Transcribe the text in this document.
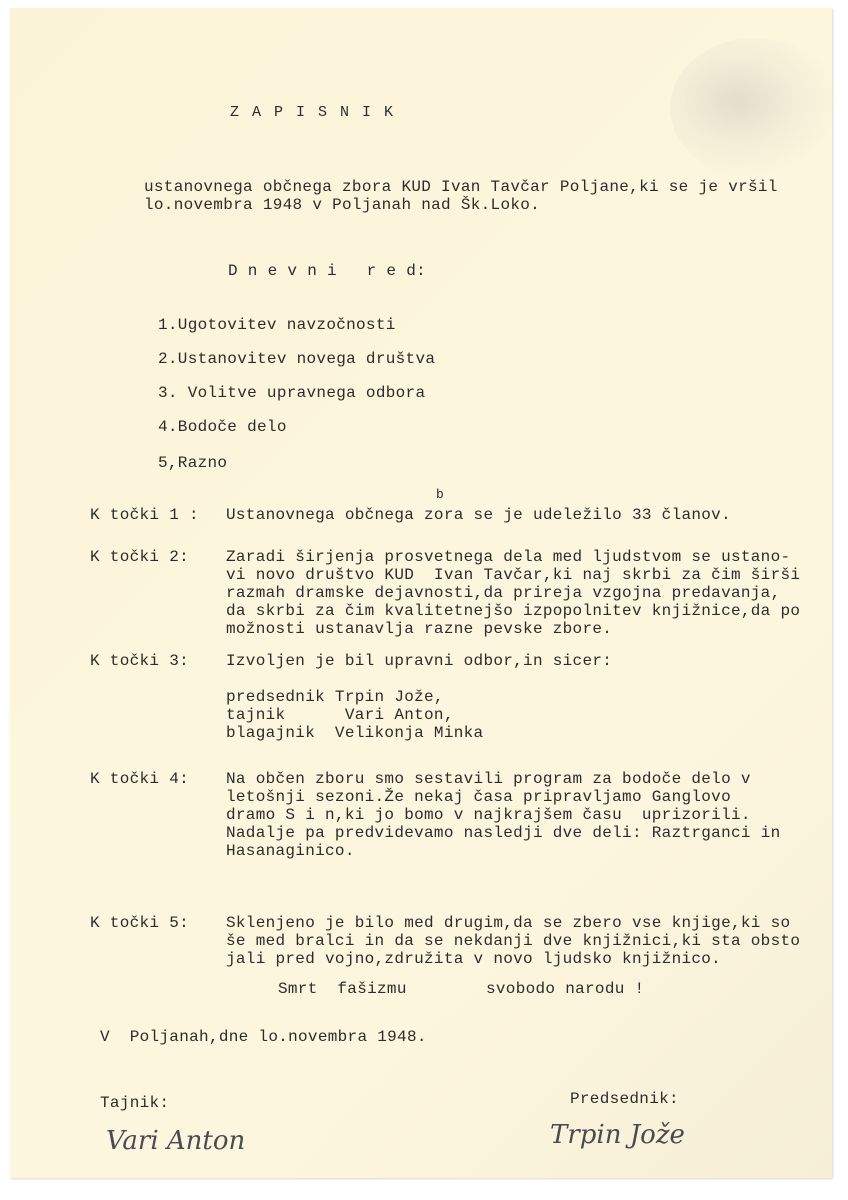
Z A P I S N I K
ustanovnega občnega zbora KUD Ivan Tavčar Poljane,ki se je vršil
lo.novembra 1948 v Poljanah nad Šk.Loko.
D n e v n i   r e d:
1.Ugotovitev navzočnosti
2.Ustanovitev novega društva
3. Volitve upravnega odbora
4.Bodoče delo
5,Razno
b
K točki 1 : Ustanovnega občnega zora se je udeležilo 33 članov.
K točki 2: Zaradi širjenja prosvetnega dela med ljudstvom se ustano-
vi novo društvo KUD  Ivan Tavčar,ki naj skrbi za čim širši
razmah dramske dejavnosti,da prireja vzgojna predavanja,
da skrbi za čim kvalitetnejšo izpopolnitev knjižnice,da po
možnosti ustanavlja razne pevske zbore.
K točki 3: Izvoljen je bil upravni odbor,in sicer:
predsednik Trpin Jože,
tajnik      Vari Anton,
blagajnik  Velikonja Minka
K točki 4: Na občen zboru smo sestavili program za bodoče delo v
letošnji sezoni.Že nekaj časa pripravljamo Ganglovo
dramo S i n,ki jo bomo v najkrajšem času  uprizorili.
Nadalje pa predvidevamo nasledji dve deli: Raztrganci in
Hasanaginico.
K točki 5: Sklenjeno je bilo med drugim,da se zbero vse knjige,ki so
še med bralci in da se nekdanji dve knjižnici,ki sta obsto
jali pred vojno,združita v novo ljudsko knjižnico.
Smrt  fašizmu	svobodo narodu !
V  Poljanah,dne lo.novembra 1948.
Tajnik:	Predsednik:
Vari Anton	Trpin Jože
